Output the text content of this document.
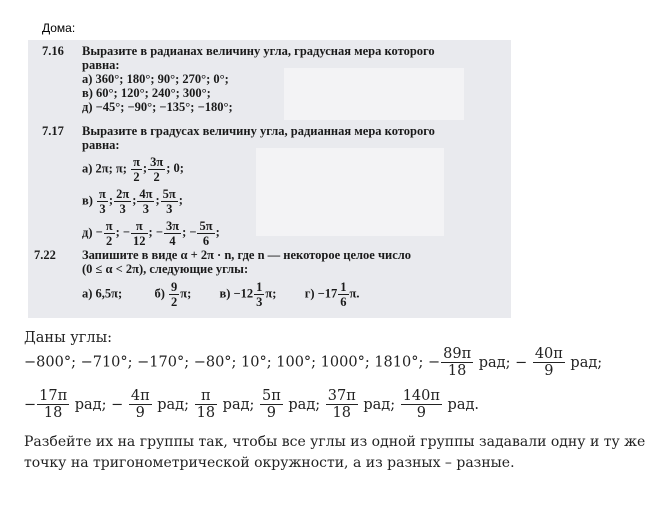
Дома:
7.16 Выразите в радианах величину угла, градусная мера которого
равна:
а) 360°; 180°; 90°; 270°; 0°;
в) 60°; 120°; 240°; 300°;
д) −45°; −90°; −135°; −180°;
7.17 Выразите в градусах величину угла, радианная мера которого
равна:
а) 2π; π; $\frac{\pi}{2}$ ; $\frac{3\pi}{2}$ ; 0;
$в) \frac{\pi}{3}$ ; $\frac{2\pi}{3}$ ; $\frac{4\pi}{3}$ ; $\frac{5\pi}{3}$ ;
$д) - \frac{\pi}{2}$ ; − $\frac{\pi}{12}$ ; − $\frac{3\pi}{4}$ ; − $\frac{5\pi}{6}$ ;
7.22 Запишите в виде α + 2π · n, где n — некоторое целое число
(0 ≤ α < 2π), следующие углы:
а) 6,5π;	$б) \frac{9}{2} \pi$; $в) -12 \frac{1}{3} \pi$; $г) -17 \frac{1}{6} \pi$.
Даны углы:
−800°; −710°; −170°; −80°; 10°; 100°; 1000°; 1810°; − $\frac{89\pi}{18}$ рад; − $\frac{40\pi}{9}$ рад;
− $\frac{17\pi}{18}$ рад; − $\frac{4\pi}{9}$ рад; $\frac{\pi}{18}$ рад; $\frac{5\pi}{9}$ рад; $\frac{37\pi}{18}$ рад; $\frac{140\pi}{9}$ рад.
Разбейте их на группы так, чтобы все углы из одной группы задавали одну и ту же
точку на тригонометрической окружности, а из разных – разные.
